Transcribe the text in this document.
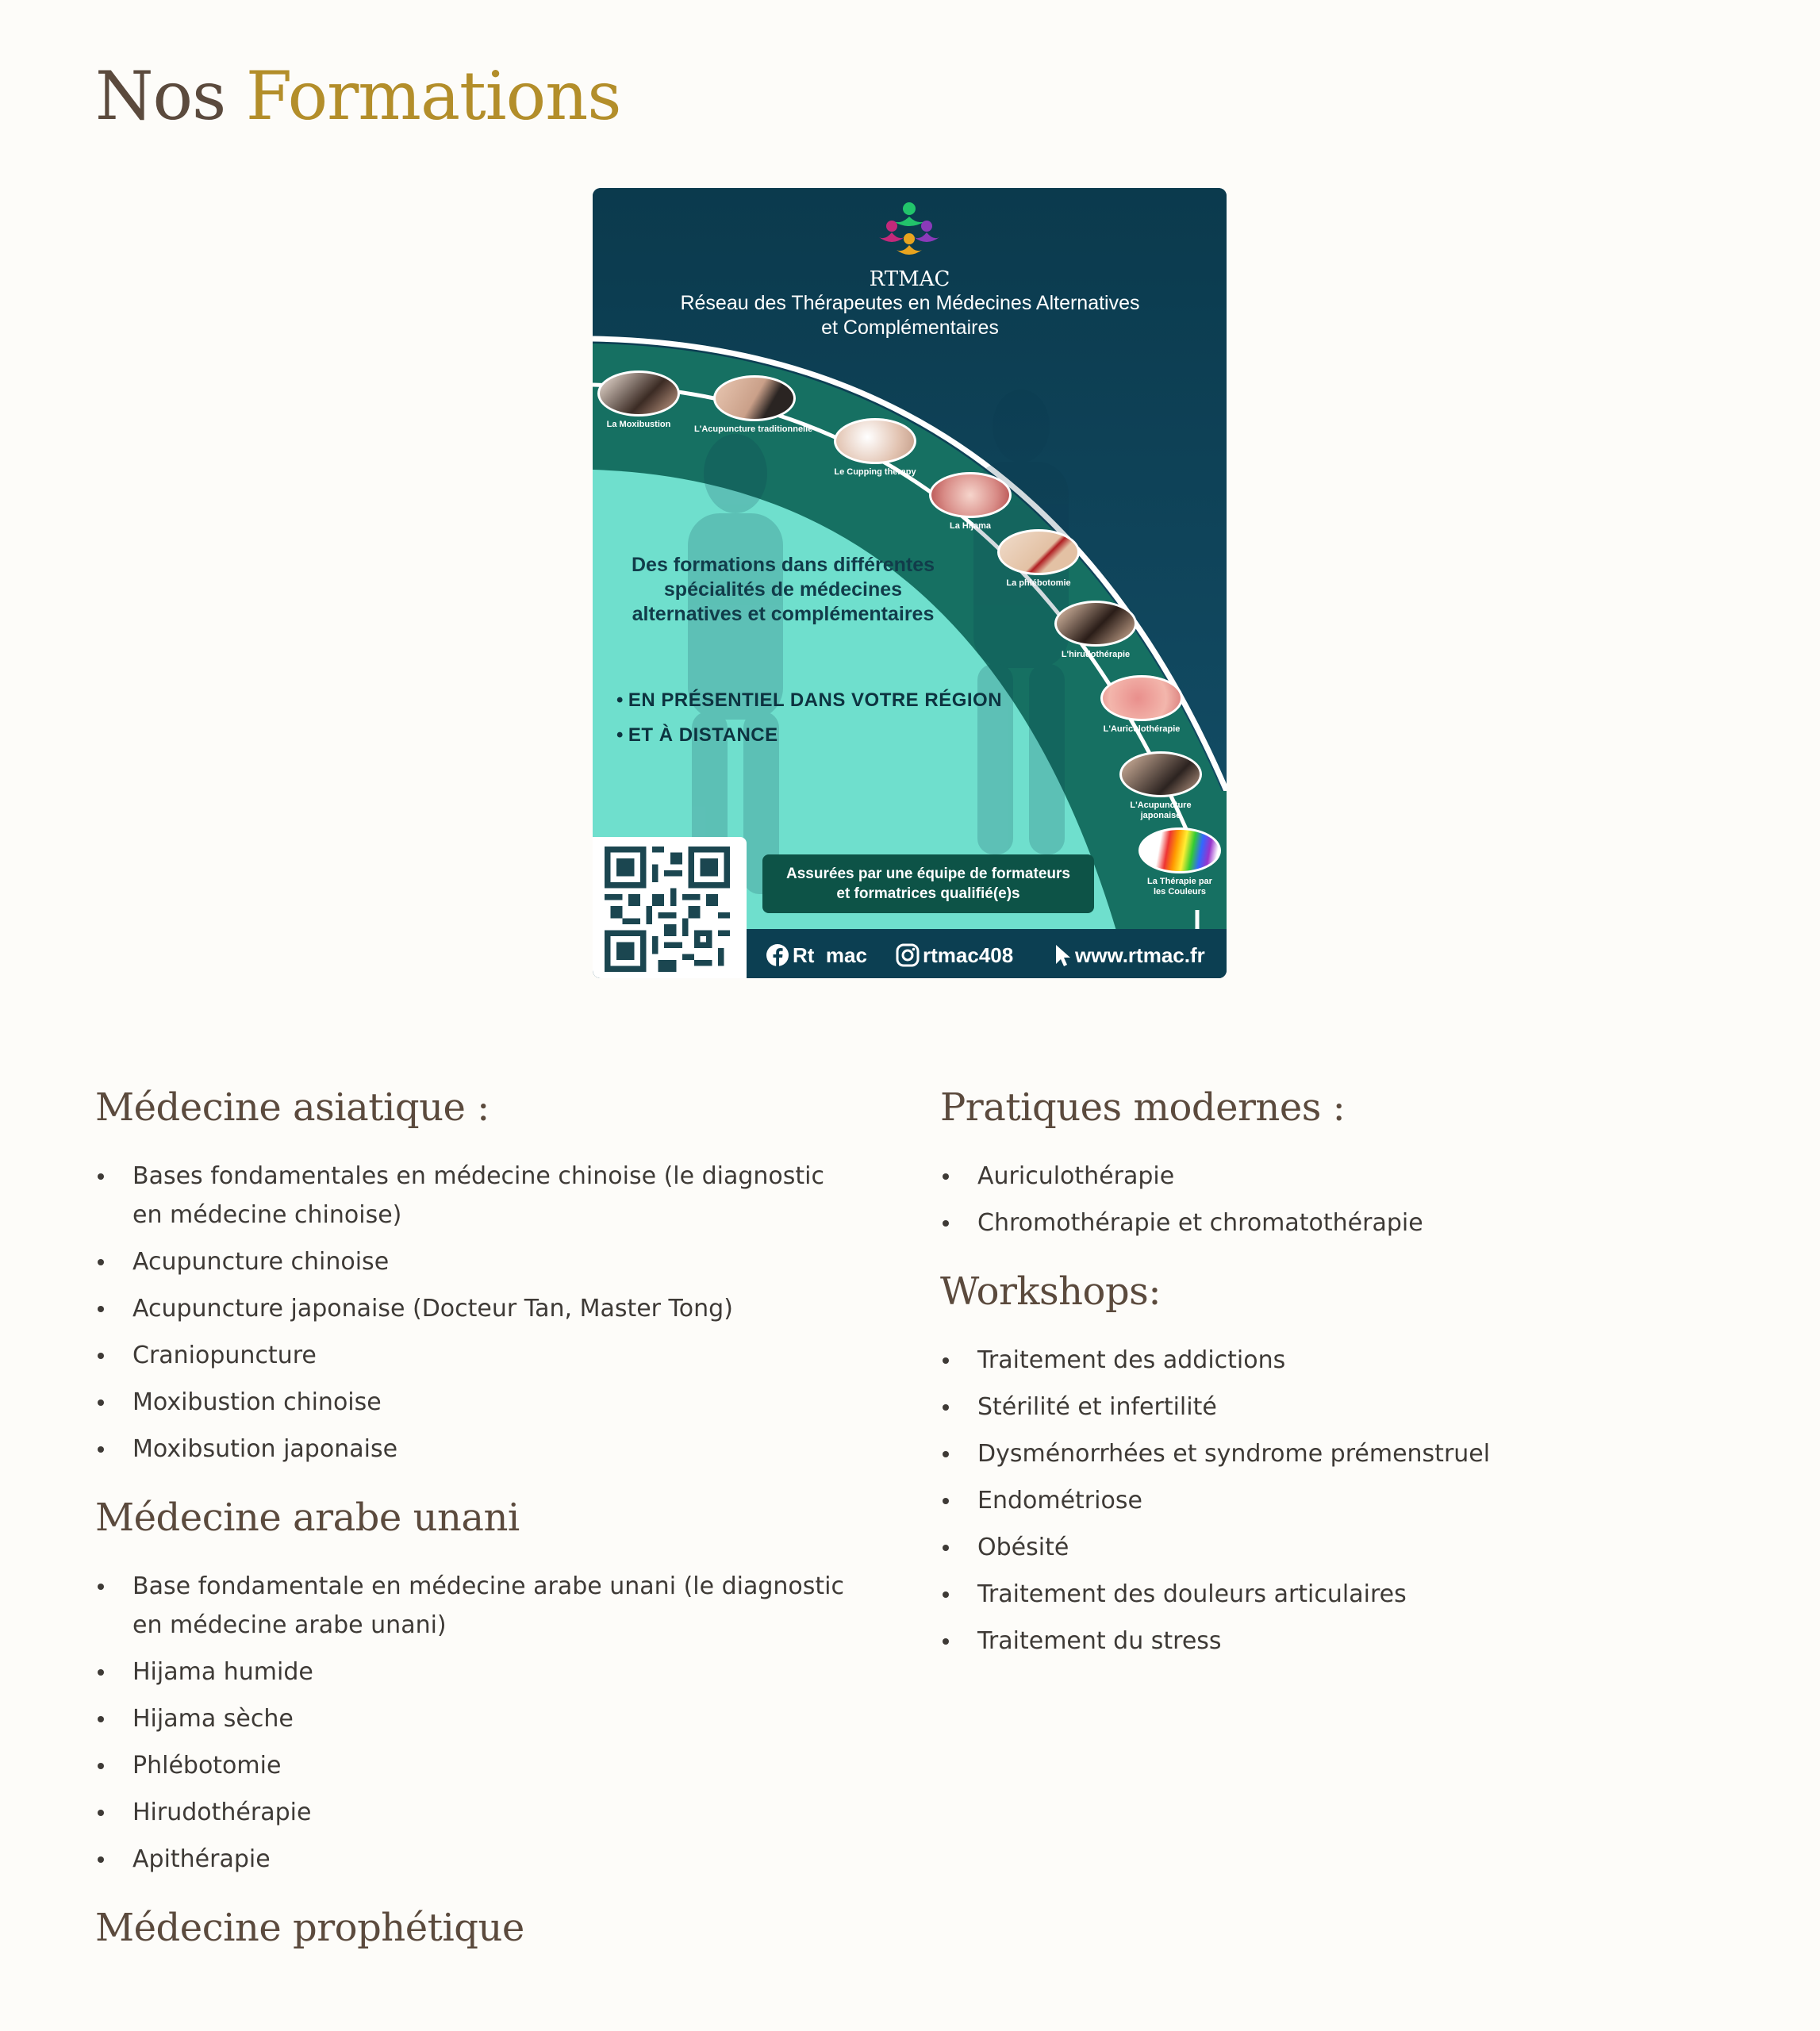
Nos Formations
RTMAC
Réseau des Thérapeutes en Médecines Alternatives
et Complémentaires
La Moxibustion	L'Acupuncture traditionnelle
Le Cupping therapy
La Hijama
La phlébotomie
L'hirudothérapie
L'Auriculothérapie
L'Acupuncture
japonaise
La Thérapie par
les Couleurs
Des formations dans différentes
spécialités de médecines
alternatives et complémentaires
• EN PRÉSENTIEL DANS VOTRE RÉGION
• ET À DISTANCE
Assurées par une équipe de formateurs
et formatrices qualifié(e)s
Rt  mac	rtmac408	www.rtmac.fr
Médecine asiatique :
Bases fondamentales en médecine chinoise (le diagnostic en médecine chinoise)
Acupuncture chinoise
Acupuncture japonaise (Docteur Tan, Master Tong)
Craniopuncture
Moxibustion chinoise
Moxibsution japonaise
Médecine arabe unani
Base fondamentale en médecine arabe unani (le diagnostic en médecine arabe unani)
Hijama humide
Hijama sèche
Phlébotomie
Hirudothérapie
Apithérapie
Médecine prophétique
Pratiques modernes :
Auriculothérapie
Chromothérapie et chromatothérapie
Workshops:
Traitement des addictions
Stérilité et infertilité
Dysménorrhées et syndrome prémenstruel
Endométriose
Obésité
Traitement des douleurs articulaires
Traitement du stress
